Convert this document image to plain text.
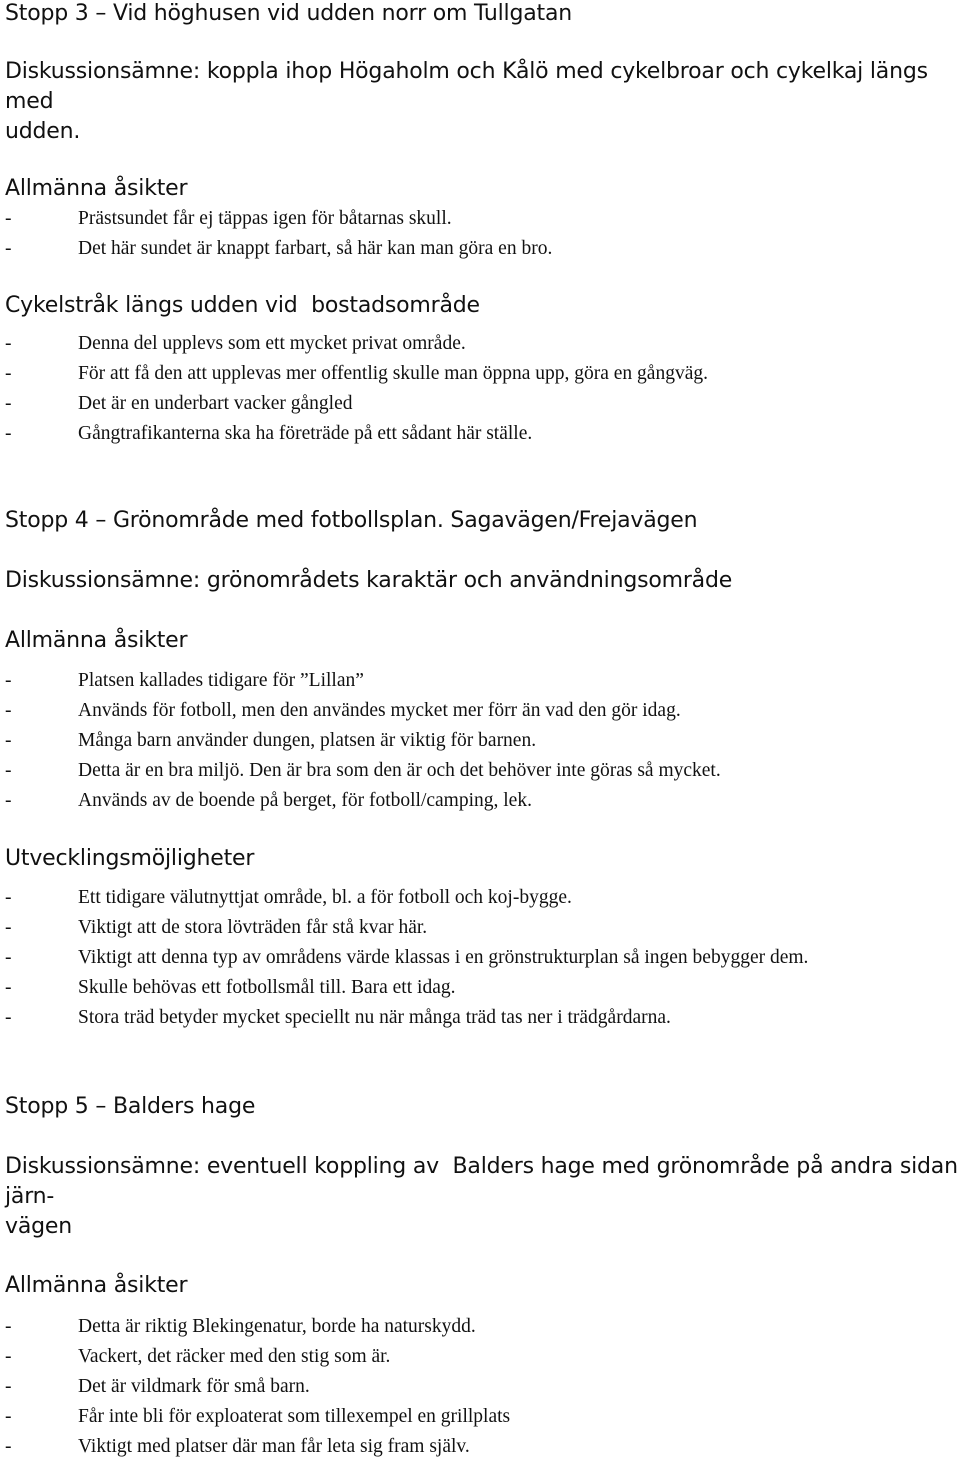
Stopp 3 – Vid höghusen vid udden norr om Tullgatan

Diskussionsämne: koppla ihop Högaholm och Kålö med cykelbroar och cykelkaj längs med
udden.

Allmänna åsikter
-	Prästsundet får ej täppas igen för båtarnas skull.
-	Det här sundet är knappt farbart, så här kan man göra en bro.
Cykelstråk längs udden vid  bostadsområde
-	Denna del upplevs som ett mycket privat område.
-	För att få den att upplevas mer offentlig skulle man öppna upp, göra en gångväg.
-	Det är en underbart vacker gångled
-	Gångtrafikanterna ska ha företräde på ett sådant här ställe.
Stopp 4 – Grönområde med fotbollsplan. Sagavägen/Frejavägen

Diskussionsämne: grönområdets karaktär och användningsområde

Allmänna åsikter
-	Platsen kallades tidigare för ”Lillan”
-	Används för fotboll, men den användes mycket mer förr än vad den gör idag.
-	Många barn använder dungen, platsen är viktig för barnen.
-	Detta är en bra miljö. Den är bra som den är och det behöver inte göras så mycket.
-	Används av de boende på berget, för fotboll/camping, lek.
Utvecklingsmöjligheter
-	Ett tidigare välutnyttjat område, bl. a för fotboll och koj-bygge.
-	Viktigt att de stora lövträden får stå kvar här.
-	Viktigt att denna typ av områdens värde klassas i en grönstrukturplan så ingen bebygger dem.
-	Skulle behövas ett fotbollsmål till. Bara ett idag.
-	Stora träd betyder mycket speciellt nu när många träd tas ner i trädgårdarna.
Stopp 5 – Balders hage

Diskussionsämne: eventuell koppling av  Balders hage med grönområde på andra sidan järn-
vägen

Allmänna åsikter
-	Detta är riktig Blekingenatur, borde ha naturskydd.
-	Vackert, det räcker med den stig som är.
-	Det är vildmark för små barn.
-	Får inte bli för exploaterat som tillexempel en grillplats
-	Viktigt med platser där man får leta sig fram själv.
